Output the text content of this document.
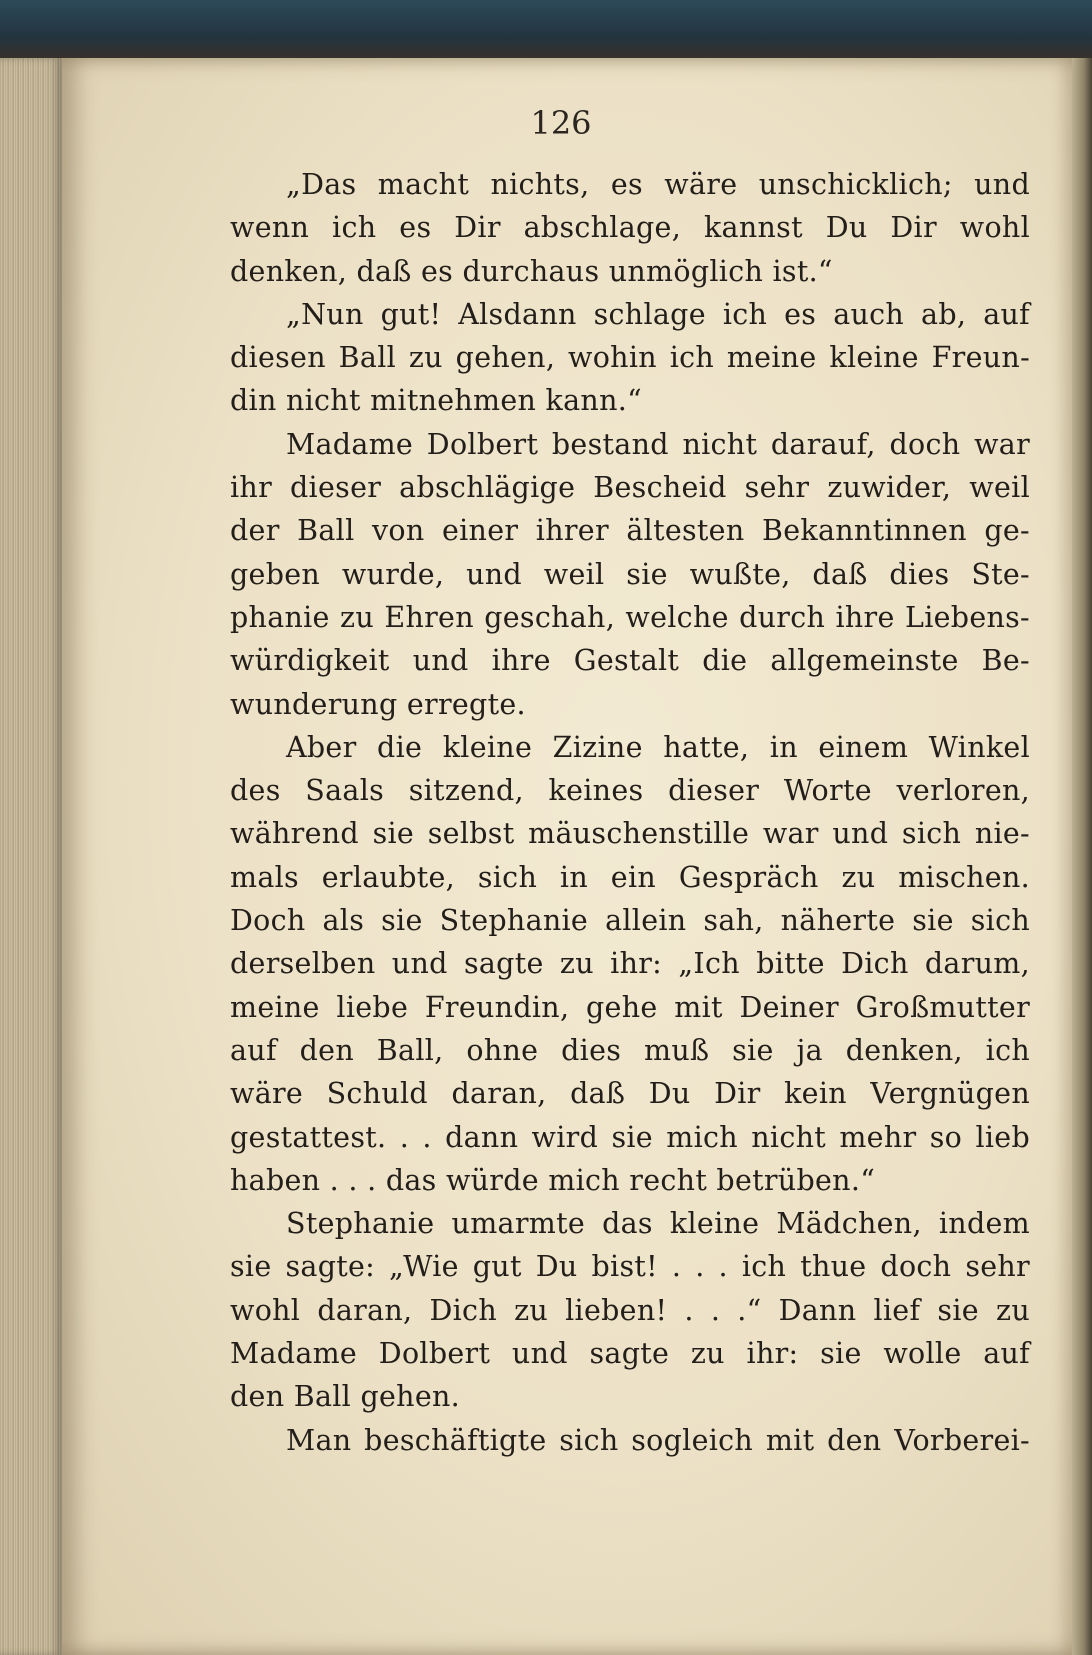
126
„Das macht nichts, es wäre unschicklich; und
wenn ich es Dir abschlage, kannst Du Dir wohl
denken, daß es durchaus unmöglich ist.“
„Nun gut! Alsdann schlage ich es auch ab, auf
diesen Ball zu gehen, wohin ich meine kleine Freun-
din nicht mitnehmen kann.“
Madame Dolbert bestand nicht darauf, doch war
ihr dieser abschlägige Bescheid sehr zuwider, weil
der Ball von einer ihrer ältesten Bekanntinnen ge-
geben wurde, und weil sie wußte, daß dies Ste-
phanie zu Ehren geschah, welche durch ihre Liebens-
würdigkeit und ihre Gestalt die allgemeinste Be-
wunderung erregte.
Aber die kleine Zizine hatte, in einem Winkel
des Saals sitzend, keines dieser Worte verloren,
während sie selbst mäuschenstille war und sich nie-
mals erlaubte, sich in ein Gespräch zu mischen.
Doch als sie Stephanie allein sah, näherte sie sich
derselben und sagte zu ihr: „Ich bitte Dich darum,
meine liebe Freundin, gehe mit Deiner Großmutter
auf den Ball, ohne dies muß sie ja denken, ich
wäre Schuld daran, daß Du Dir kein Vergnügen
gestattest. . . dann wird sie mich nicht mehr so lieb
haben . . . das würde mich recht betrüben.“
Stephanie umarmte das kleine Mädchen, indem
sie sagte: „Wie gut Du bist! . . . ich thue doch sehr
wohl daran, Dich zu lieben! . . .“ Dann lief sie zu
Madame Dolbert und sagte zu ihr: sie wolle auf
den Ball gehen.
Man beschäftigte sich sogleich mit den Vorberei-
